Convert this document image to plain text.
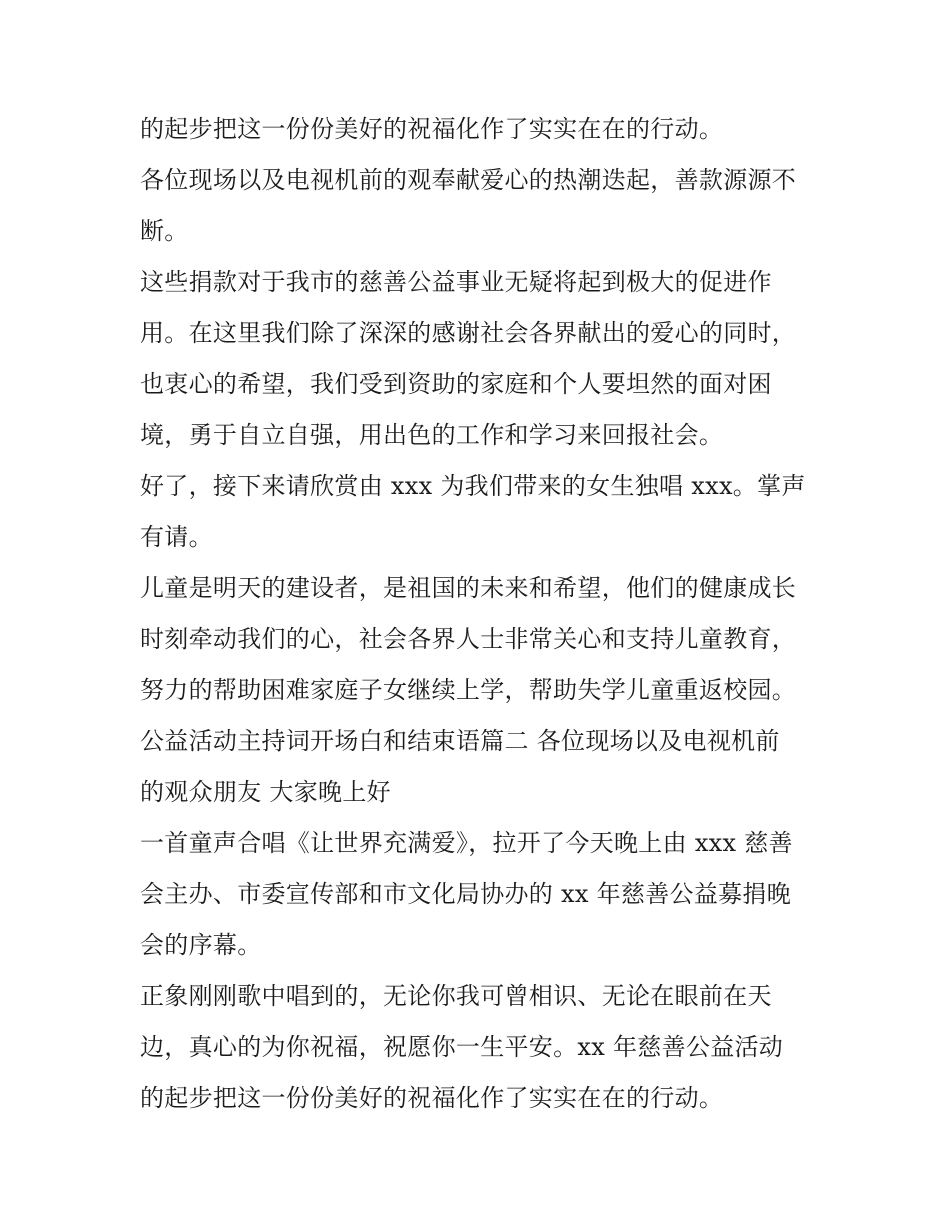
的起步把这一份份美好的祝福化作了实实在在的行动。
各位现场以及电视机前的观奉献爱心的热潮迭起，善款源源不
断。
这些捐款对于我市的慈善公益事业无疑将起到极大的促进作
用。在这里我们除了深深的感谢社会各界献出的爱心的同时，
也衷心的希望，我们受到资助的家庭和个人要坦然的面对困
境，勇于自立自强，用出色的工作和学习来回报社会。
好了，接下来请欣赏由 xxx 为我们带来的女生独唱 xxx。掌声
有请。
儿童是明天的建设者，是祖国的未来和希望，他们的健康成长
时刻牵动我们的心，社会各界人士非常关心和支持儿童教育，
努力的帮助困难家庭子女继续上学，帮助失学儿童重返校园。
公益活动主持词开场白和结束语篇二 各位现场以及电视机前
的观众朋友 大家晚上好
一首童声合唱《让世界充满爱》，拉开了今天晚上由 xxx 慈善
会主办、市委宣传部和市文化局协办的 xx 年慈善公益募捐晚
会的序幕。
正象刚刚歌中唱到的，无论你我可曾相识、无论在眼前在天
边，真心的为你祝福，祝愿你一生平安。xx 年慈善公益活动
的起步把这一份份美好的祝福化作了实实在在的行动。
